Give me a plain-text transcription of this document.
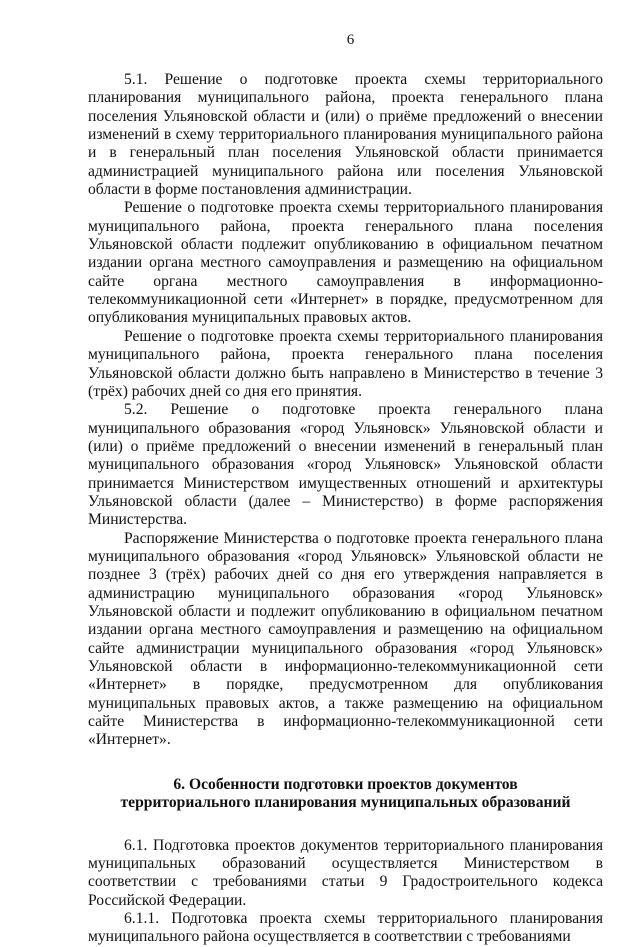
6

5.1. Решение о подготовке проекта схемы территориального планирования муниципального района, проекта генерального плана поселения Ульяновской области и (или) о приёме предложений о внесении изменений в схему территориального планирования муниципального района и в генеральный план поселения Ульяновской области принимается администрацией муниципального района или поселения Ульяновской области в форме постановления администрации.

Решение о подготовке проекта схемы территориального планирования муниципального района, проекта генерального плана поселения Ульяновской области подлежит опубликованию в официальном печатном издании органа местного самоуправления и размещению на официальном сайте органа местного самоуправления в информационно-телекоммуникационной сети «Интернет» в порядке, предусмотренном для опубликования муниципальных правовых актов.

Решение о подготовке проекта схемы территориального планирования муниципального района, проекта генерального плана поселения Ульяновской области должно быть направлено в Министерство в течение 3 (трёх) рабочих дней со дня его принятия.

5.2. Решение о подготовке проекта генерального плана муниципального образования «город Ульяновск» Ульяновской области и (или) о приёме предложений о внесении изменений в генеральный план муниципального образования «город Ульяновск» Ульяновской области принимается Министерством имущественных отношений и архитектуры Ульяновской области (далее – Министерство) в форме распоряжения Министерства.

Распоряжение Министерства о подготовке проекта генерального плана муниципального образования «город Ульяновск» Ульяновской области не позднее 3 (трёх) рабочих дней со дня его утверждения направляется в администрацию муниципального образования «город Ульяновск» Ульяновской области и подлежит опубликованию в официальном печатном издании органа местного самоуправления и размещению на официальном сайте администрации муниципального образования «город Ульяновск» Ульяновской области в информационно-телекоммуникационной сети «Интернет» в порядке, предусмотренном для опубликования муниципальных правовых актов, а также размещению на официальном сайте Министерства в информационно-телекоммуникационной сети «Интернет».

6. Особенности подготовки проектов документов
территориального планирования муниципальных образований

6.1. Подготовка проектов документов территориального планирования муниципальных образований осуществляется Министерством в соответствии с требованиями статьи 9 Градостроительного кодекса Российской Федерации.

6.1.1. Подготовка проекта схемы территориального планирования муниципального района осуществляется в соответствии с требованиями
